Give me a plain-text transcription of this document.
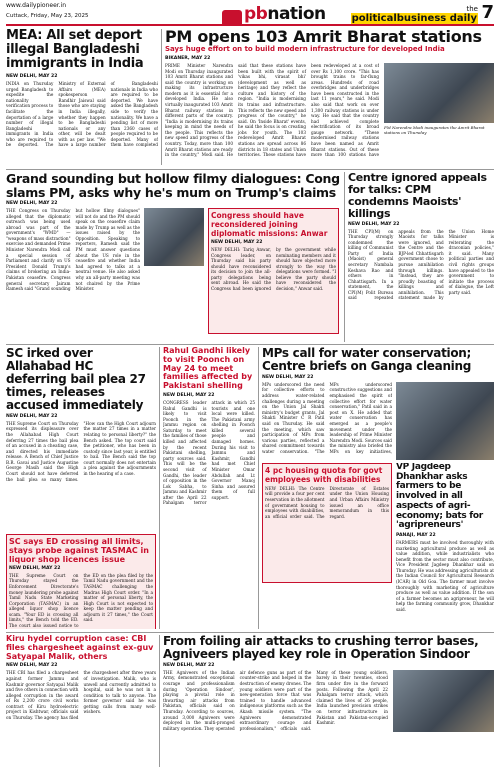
www.dailypioneer.in
Cuttack, Friday, May 23, 2025	pbnation	the
politicalbusiness daily 7
MEA: All set deport illegal Bangladeshi immigrants in India
NEW DELHI, MAY 22
INDIA on Thursday urged Bangladesh to expedite the nationality verification process to facilitate the deportation of a large number of illegal Bangladeshi immigrants in India who are required to be deported. The Ministry of External Affairs (MEA) spokesperson Randhir Jaiswal said those who are staying in India illegally, whether they happen to be Bangladeshi nationals or any other, will be dealt with as per law. "We have a large number of Bangladeshi nationals in India who are required to be deported. We have asked the Bangladesh side to verify the nationality. We have a pending list of more than 2360 cases of people required to be deported. Many of them have completed
PM opens 103 Amrit Bharat stations
Says huge effort on to build modern infrastructure for developed India
BIKANER, MAY 22
PRIME Minister Narendra Modi on Thursday inaugurated 103 Amrit Bharat stations and said the country is working on making its infrastructure modern as it is essential for a developed India. He also virtually inaugurated 103 Amrit Bharat railway stations in different parts of the country. "India is modernising its trains keeping in mind the needs of the people. This reflects the new speed and progress of the country. Today, more than 100 Amrit Bharat stations are ready in the country," Modi said. He said that these stations have been built with the spirit of 'vikas bhi, virasat bhi' (development as well as heritage) and they reflect the culture and history of the region. "India is modernising its trains and infrastructure. This reflects the new speed and progress of the country," he said. On 'Inside Bharat' events, he said the focus is on creating jobs for youth. The 103 redeveloped Amrit Bharat stations are spread across 86 districts in 18 states and Union territories. These stations have been redeveloped at a cost of over Rs 1,100 crore. "This has brought trains to far-flung areas. Hundreds of road overbridges and underbridges have been constructed in the last 11 years," he said. Modi also said that work on over 1,300 railway stations is under way. He said that the country had achieved complete electrification of its broad gauge network. "These modernised railway stations have been named as Amrit Bharat stations. Out of these more than 100 stations have
PM Narendra Modi inaugurates the Amrit Bharat stations on Thursday
Grand sounding but hollow filmy dialogues: Cong slams PM, asks why he's mum on Trump's claims
NEW DELHI, MAY 22
THE Congress on Thursday alleged that the diplomatic outreach was being used abroad was part of the government's "WMD" — "weapons of mass distraction" exercise and demanded Prime Minister Narendra Modi call a special session of Parliament and clarify on US President Donald Trump's claims of brokering an India-Pakistan ceasefire. Congress general secretary Jairam Ramesh said "Grand sounding but hollow filmy dialogues" will not do and the PM should speak on the ceasefire claim made by Trump as well as the issues raised by the Opposition. Speaking to reporters, Ramesh said the PM must answer questions about the US role in the ceasefire and whether India had agreed to talks at a neutral venue. He also asked why an all-party meeting was not chaired by the Prime Minister.
Congress should have reconsidered joining diplomatic missions: Anwar
NEW DELHI, MAY 22
NEW DELHI: Tariq Anwar, Congress leader, on Thursday said his party should have reconsidered its decision to join the all-party delegations being sent abroad. He said the Congress had been ignored by the government while nominating members and it should have objected more strongly to the way the delegations were formed. "I believe the party should have reconsidered the decision," Anwar said.
Centre ignored appeals for talks: CPM condemns Maoists' killings
NEW DELHI, MAY 22
THE CPI(M) on Thursday strongly condemned the killing of Communist Party of India (Maoist) general secretary Nambala Keshava Rao and others in Chhattisgarh. In a statement, the CPI(M) Polit Bureau said repeated appeals from the Maoists for talks were ignored, and the Centre and the BJP-led Chhattisgarh government chose to pursue annihilation through killings. "Instead, they are proudly boasting of killings and annihilation. This statement made by the Union Home Minister is reiterating the draconian policies," it said. Many political parties and civil rights groups have appealed to the government to initiate the process of dialogue, the Left party said.
SC irked over Allahabad HC deferring bail plea 27 times, releases accused immediately
NEW DELHI, MAY 22
THE Supreme Court on Thursday expressed its displeasure over the Allahabad High Court deferring 27 times the bail plea of an accused in a cheating case, and directed his immediate release. A Bench of Chief Justice B.R. Gavai and Justice Augustine George Masih said the High Court should not have deferred the bail plea so many times. "How can the High Court adjourn the matter 27 times in a matter relating to personal liberty?" the Bench asked. The top court said the petitioner, who has been in custody since last year, is entitled to bail. The Bench said the top court normally does not entertain a plea against the adjournments in the hearing of a case.
SC says ED crossing all limits, stays probe against TASMAC in liquor shop licences issue
NEW DELHI, MAY 22
THE Supreme Court on Thursday stayed the Enforcement Directorate's money laundering probe against Tamil Nadu State Marketing Corporation (TASMAC) in an alleged liquor shop licence scam. "Your ED is crossing all limits," the Bench told the ED. The court also issued notice to the ED on the plea filed by the Tamil Nadu government and the TASMAC challenging the Madras High Court order. "In a matter of personal liberty, the High Court is not expected to keep the matter pending and adjourn it 27 times," the Court said.
Rahul Gandhi likely to visit Poonch on May 24 to meet families affected by Pakistani shelling
NEW DELHI, MAY 22
CONGRESS leader Rahul Gandhi is likely to visit Poonch in the Jammu region on Saturday to meet the families of those killed and affected by the recent Pakistani shelling, party sources said. This will be the second visit of Gandhi, the leader of opposition in the Lok Sabha, to Jammu and Kashmir after the April 22 Pahalgam terror attack in which 25 tourists and one local were killed. The Pakistani army shelling in Poonch killed several people and damaged homes. During his visit to Jammu and Kashmir, Gandhi had met Chief Minister Omar Abdullah and Lt Governor Manoj Sinha and assured them of full support.
MPs call for water conservation; Centre briefs on Ganga cleaning
NEW DELHI, MAY 22
MPs underscored the need for collective efforts to address water-related challenges during a meeting on the Union Jal Shakti ministry's budget grants, Jal Shakti Minister C R Patil said on Thursday. He said the meeting, which saw participation of MPs from various parties, reflected a shared commitment towards water conservation. "The MPs underscored constructive suggestions and emphasised the spirit of collective effort for water conservation," Patil said in a post on X. He added that water conservation has emerged as a people's movement under the leadership of Prime Minister Narendra Modi. Sources said the ministry also briefed the MPs on key initiatives,
4 pc housing quota for govt employees with disabilities
NEW DELHI: The Centre will provide a four per cent reservation in the allotment of government housing to employees with disabilities, an official order said. The Directorate of Estates under the Union Housing and Urban Affairs Ministry issued an office memorandum in this regard.
VP Jagdeep Dhankhar asks farmers to be involved in all aspects of agri-economy; bats for 'agripreneurs'
PANAJI, MAY 22
FARMERS must be involved thoroughly with marketing agricultural produce as well as value addition, while industrialists who benefit from the sector must also contribute, Vice President Jagdeep Dhankhar said on Thursday. He was addressing agriculturists at the Indian Council for Agricultural Research (ICAR) in Old Goa. The farmer must involve thoroughly with marketing of agriculture produce as well as value addition. If the son of a farmer becomes an agripreneur, he will help the farming community grow, Dhankhar said.
Kiru hydel corruption case: CBI files chargesheet against ex-guv Satyapal Malik, others
NEW DELHI, MAY 22
THE CBI has filed a chargesheet against former Jammu and Kashmir governor Satyapal Malik and five others in connection with alleged corruption in the award of Rs 2,200 crore civil works contract of Kiru hydroelectric project in Kishtwar, officials said on Thursday. The agency has filed the chargesheet after three years of investigation. Malik, who is unwell and currently admitted to hospital, said he was not in a condition to talk to anyone. The former governor said he was getting calls from many well-wishers.
From foiling air attacks to crushing terror bases, Agniveers played key role in Operation Sindoor
NEW DELHI, MAY 22
THE Agniveers of the Indian Army, demonstrated exceptional courage and professionalism during 'Operation Sindoor', playing a pivotal role in thwarting air attacks from Pakistan, officials said on Thursday. According to sources, around 3,000 Agniveers were deployed in the multi-pronged military operation. They operated air defence guns as part of the counter-strike and helped in the destruction of enemy drones. The young soldiers were part of the new-generation force that was trained to handle advanced indigenous platforms such as the Akash missile system. "The Agniveers demonstrated extraordinary courage and professionalism," officials said. Many of these young soldiers, barely in their twenties, stood firm under fire in the forward posts. Following the April 22 Pahalgam terror attack, which claimed the lives of 26 people, India launched precision strikes on terror infrastructure in Pakistan and Pakistan-occupied Kashmir.
